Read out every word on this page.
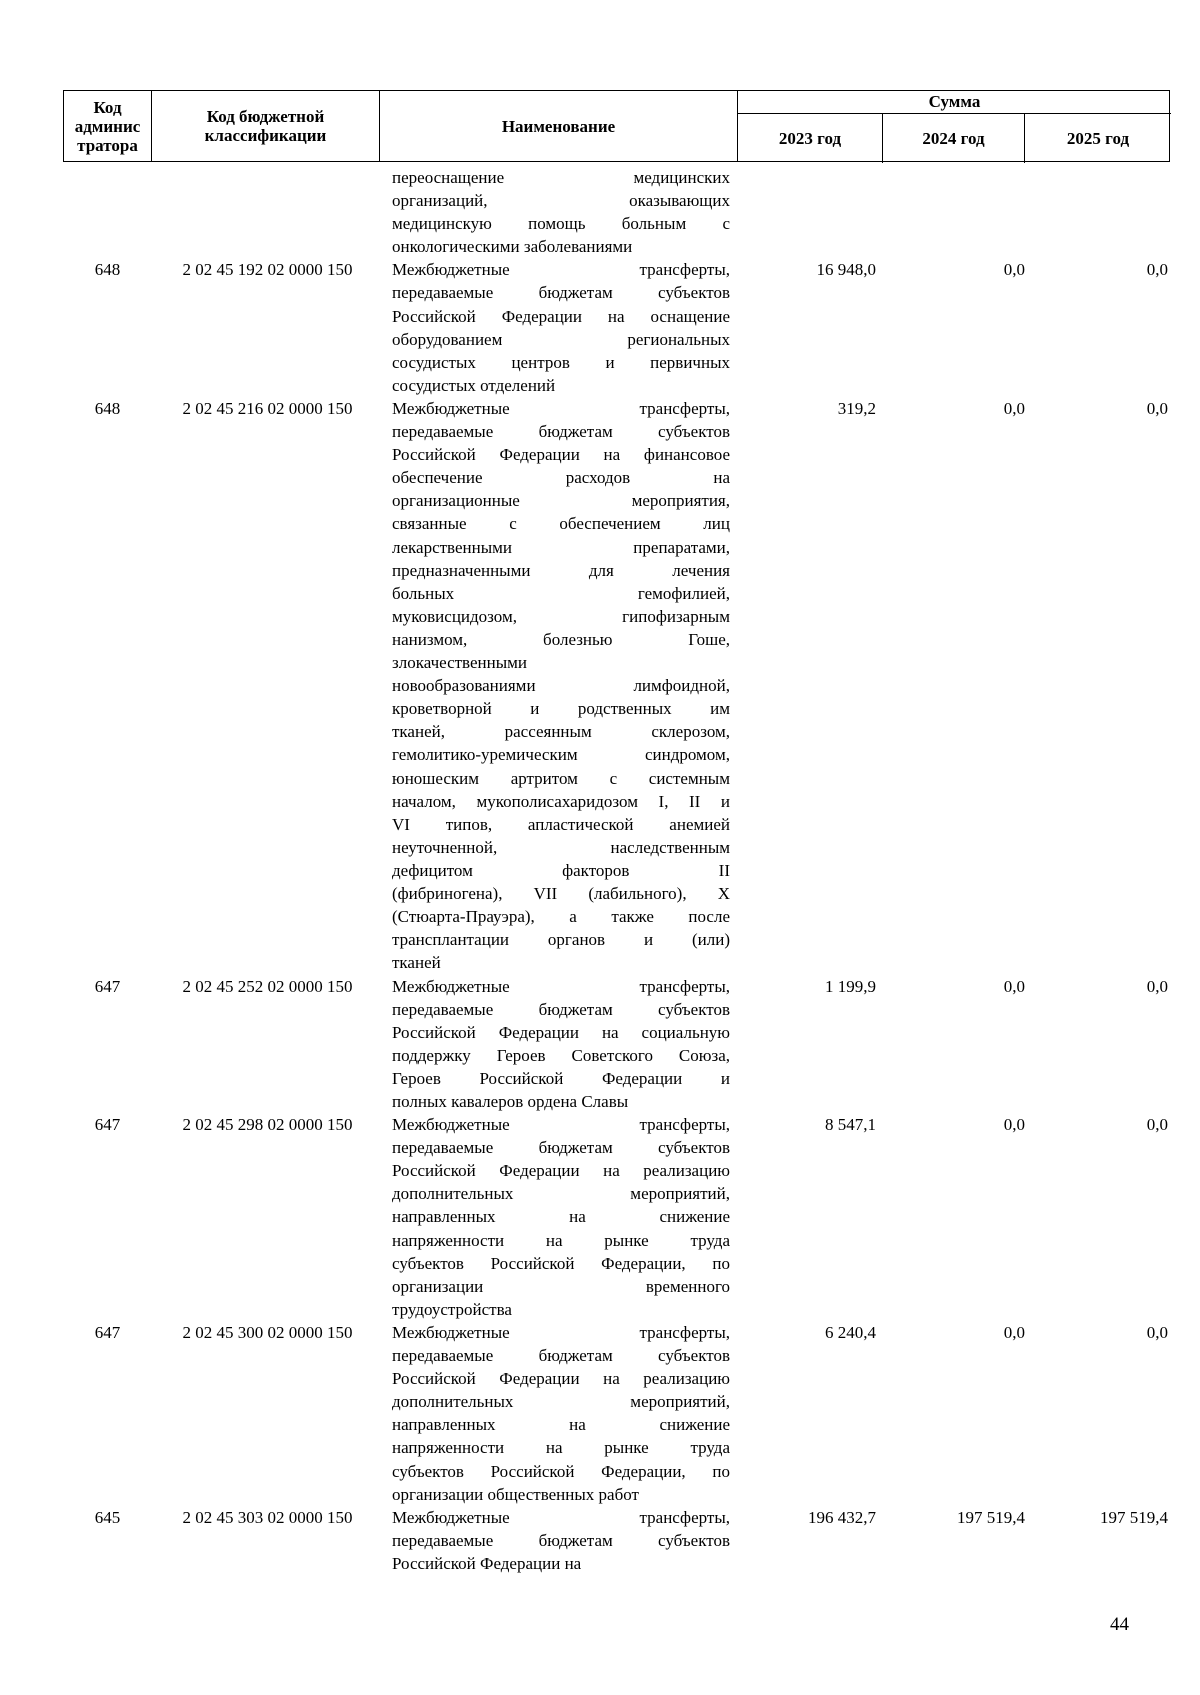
Код админис тратора
Код бюджетной классификации	Наименование
Сумма
2023 год	2024 год	2025 год
переоснащение медицинских
организаций, оказывающих
медицинскую помощь больным с
онкологическими заболеваниями
648	2 02 45 192 02 0000 150	Межбюджетные трансферты,
передаваемые бюджетам субъектов
Российской Федерации на оснащение
оборудованием региональных
сосудистых центров и первичных
сосудистых отделений
16 948,0	0,0	0,0
648	2 02 45 216 02 0000 150	Межбюджетные трансферты,
передаваемые бюджетам субъектов
Российской Федерации на финансовое
обеспечение расходов на
организационные мероприятия,
связанные с обеспечением лиц
лекарственными препаратами,
предназначенными для лечения
больных гемофилией,
муковисцидозом, гипофизарным
нанизмом, болезнью Гоше,
злокачественными
новообразованиями лимфоидной,
кроветворной и родственных им
тканей, рассеянным склерозом,
гемолитико-уремическим синдромом,
юношеским артритом с системным
началом, мукополисахаридозом I, II и
VI типов, апластической анемией
неуточненной, наследственным
дефицитом факторов II
(фибриногена), VII (лабильного), X
(Стюарта-Прауэра), а также после
трансплантации органов и (или)
тканей
319,2	0,0	0,0
647	2 02 45 252 02 0000 150	Межбюджетные трансферты,
передаваемые бюджетам субъектов
Российской Федерации на социальную
поддержку Героев Советского Союза,
Героев Российской Федерации и
полных кавалеров ордена Славы
1 199,9	0,0	0,0
647	2 02 45 298 02 0000 150	Межбюджетные трансферты,
передаваемые бюджетам субъектов
Российской Федерации на реализацию
дополнительных мероприятий,
направленных на снижение
напряженности на рынке труда
субъектов Российской Федерации, по
организации временного
трудоустройства
8 547,1	0,0	0,0
647	2 02 45 300 02 0000 150	Межбюджетные трансферты,
передаваемые бюджетам субъектов
Российской Федерации на реализацию
дополнительных мероприятий,
направленных на снижение
напряженности на рынке труда
субъектов Российской Федерации, по
организации общественных работ
6 240,4	0,0	0,0
645	2 02 45 303 02 0000 150	Межбюджетные трансферты,
передаваемые бюджетам субъектов
Российской Федерации на
196 432,7	197 519,4	197 519,4
44
